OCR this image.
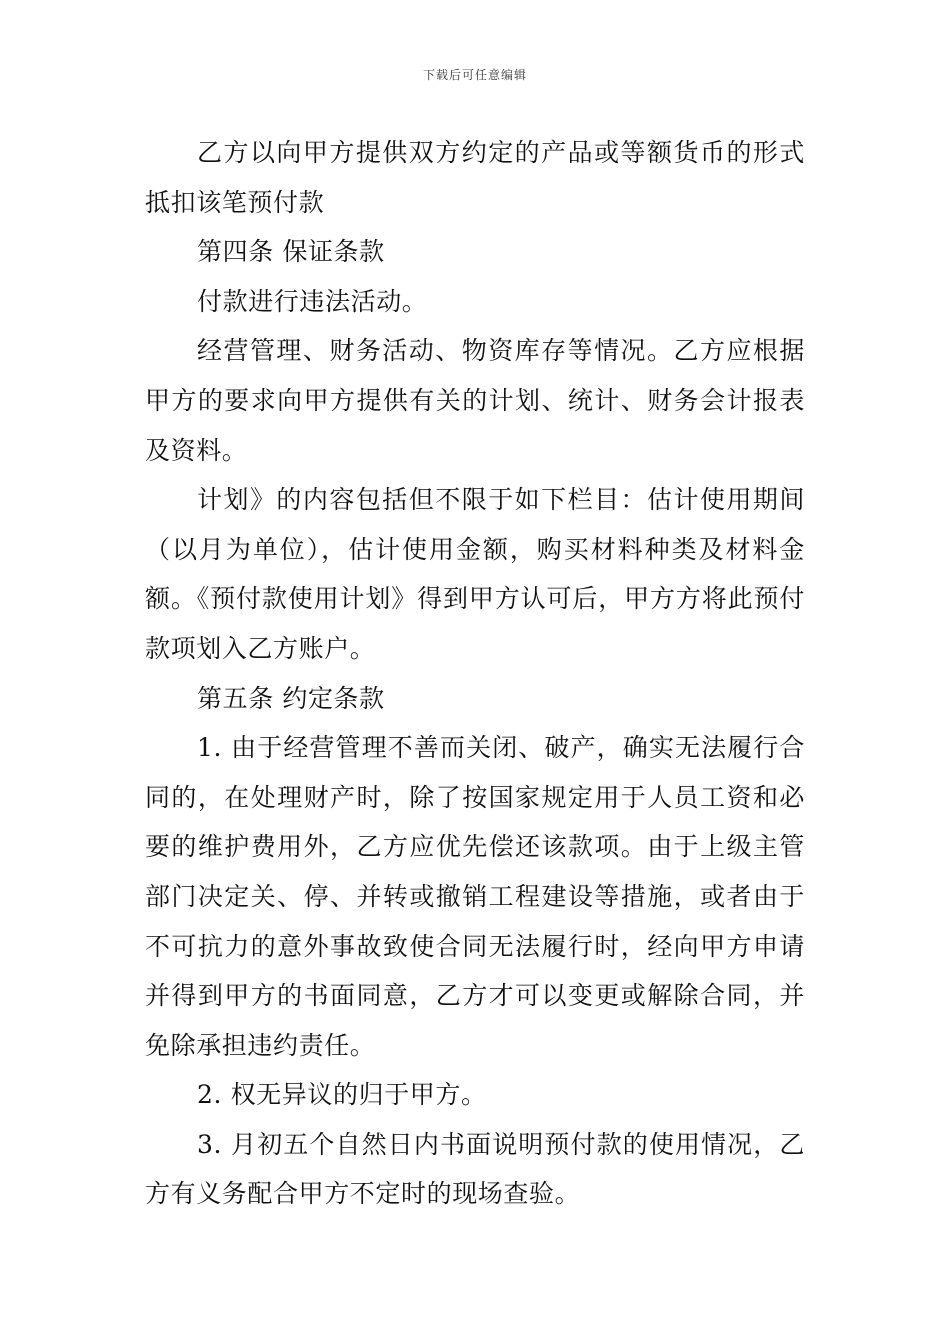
下载后可任意编辑

乙方以向甲方提供双方约定的产品或等额货币的形式抵扣该笔预付款

第四条 保证条款

付款进行违法活动。

经营管理、财务活动、物资库存等情况。乙方应根据甲方的要求向甲方提供有关的计划、统计、财务会计报表及资料。

计划》的内容包括但不限于如下栏目：估计使用期间（以月为单位），估计使用金额，购买材料种类及材料金额。《预付款使用计划》得到甲方认可后，甲方方将此预付款项划入乙方账户。

第五条 约定条款

1. 由于经营管理不善而关闭、破产，确实无法履行合同的，在处理财产时，除了按国家规定用于人员工资和必要的维护费用外，乙方应优先偿还该款项。由于上级主管部门决定关、停、并转或撤销工程建设等措施，或者由于不可抗力的意外事故致使合同无法履行时，经向甲方申请并得到甲方的书面同意，乙方才可以变更或解除合同，并免除承担违约责任。

2. 权无异议的归于甲方。

3. 月初五个自然日内书面说明预付款的使用情况，乙方有义务配合甲方不定时的现场查验。
